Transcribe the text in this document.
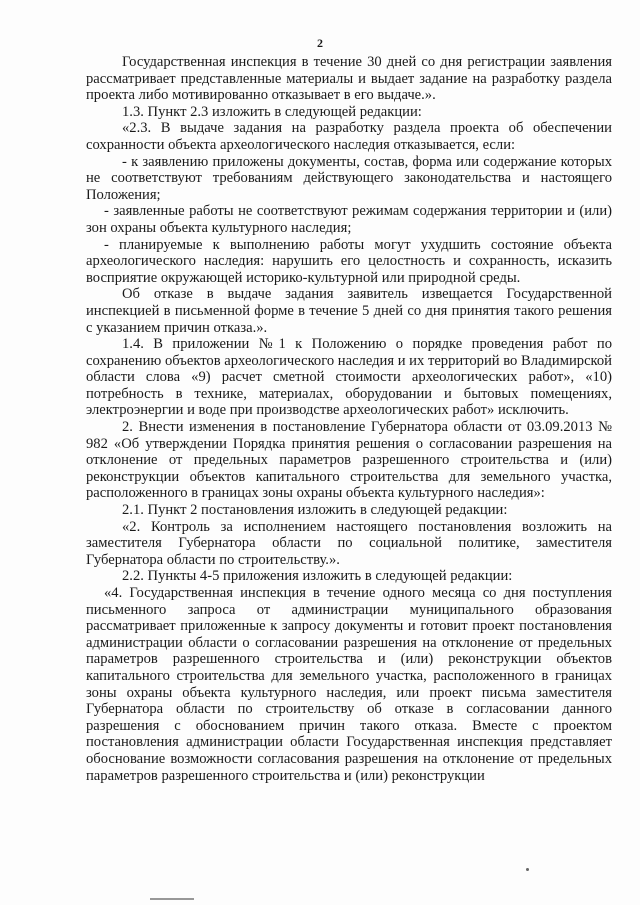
2

Государственная инспекция в течение 30 дней со дня регистрации заявления рассматривает представленные материалы и выдает задание на разработку раздела проекта либо мотивированно отказывает в его выдаче.».

1.3. Пункт 2.3 изложить в следующей редакции:

«2.3. В выдаче задания на разработку раздела проекта об обеспечении сохранности объекта археологического наследия отказывается, если:

- к заявлению приложены документы, состав, форма или содержание которых не соответствуют требованиям действующего законодательства и настоящего Положения;

- заявленные работы не соответствуют режимам содержания территории и (или) зон охраны объекта культурного наследия;

- планируемые к выполнению работы могут ухудшить состояние объекта археологического наследия: нарушить его целостность и сохранность, исказить восприятие окружающей историко-культурной или природной среды.

Об отказе в выдаче задания заявитель извещается Государственной инспекцией в письменной форме в течение 5 дней со дня принятия такого решения с указанием причин отказа.».

1.4. В приложении №1 к Положению о порядке проведения работ по сохранению объектов археологического наследия и их территорий во Владимирской области слова «9) расчет сметной стоимости археологических работ», «10) потребность в технике, материалах, оборудовании и бытовых помещениях, электроэнергии и воде при производстве археологических работ» исключить.

2. Внести изменения в постановление Губернатора области от 03.09.2013 № 982 «Об утверждении Порядка принятия решения о согласовании разрешения на отклонение от предельных параметров разрешенного строительства и (или) реконструкции объектов капитального строительства для земельного участка, расположенного в границах зоны охраны объекта культурного наследия»:

2.1. Пункт 2 постановления изложить в следующей редакции:

«2. Контроль за исполнением настоящего постановления возложить на заместителя Губернатора области по социальной политике, заместителя Губернатора области по строительству.».

2.2. Пункты 4-5 приложения изложить в следующей редакции:

«4. Государственная инспекция в течение одного месяца со дня поступления письменного запроса от администрации муниципального образования рассматривает приложенные к запросу документы и готовит проект постановления администрации области о согласовании разрешения на отклонение от предельных параметров разрешенного строительства и (или) реконструкции объектов капитального строительства для земельного участка, расположенного в границах зоны охраны объекта культурного наследия, или проект письма заместителя Губернатора области по строительству об отказе в согласовании данного разрешения с обоснованием причин такого отказа. Вместе с проектом постановления администрации области Государственная инспекция представляет обоснование возможности согласования разрешения на отклонение от предельных параметров разрешенного строительства и (или) реконструкции
